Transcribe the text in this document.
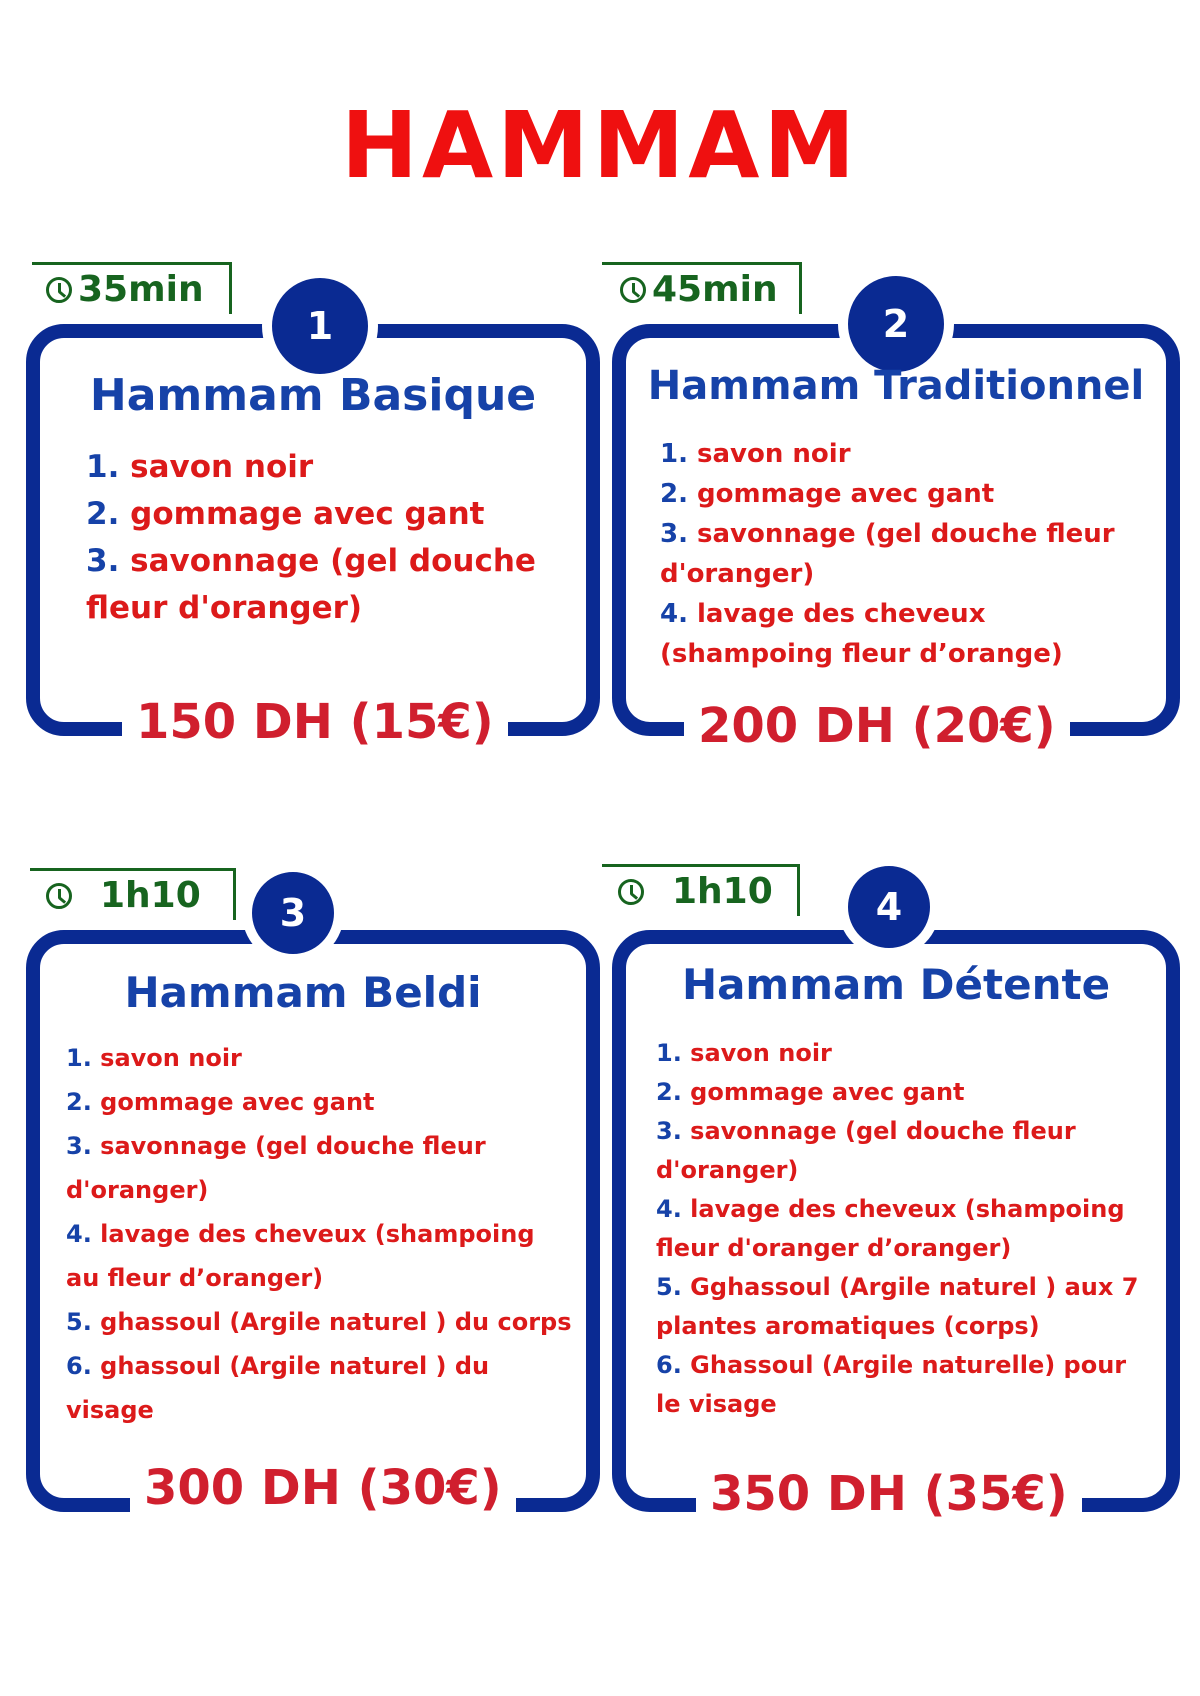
HAMMAM
35min
1
Hammam Basique
1. savon noir
2. gommage avec gant
3. savonnage (gel douche fleur d'oranger)
150 DH (15€)
45min
2
Hammam Traditionnel
1. savon noir
2. gommage avec gant
3. savonnage (gel douche fleur d'oranger)
4. lavage des cheveux (shampoing fleur d’orange)
200 DH (20€)
1h10 3
Hammam Beldi
1. savon noir
2. gommage avec gant
3. savonnage (gel douche fleur d'oranger)
4. lavage des cheveux (shampoing au fleur d’oranger)
5. ghassoul (Argile naturel ) du corps
6. ghassoul (Argile naturel ) du visage
300 DH (30€)
1h10	4
Hammam Détente
1. savon noir
2. gommage avec gant
3. savonnage (gel douche fleur d'oranger)
4. lavage des cheveux (shampoing fleur d'oranger d’oranger)
5. Gghassoul (Argile naturel ) aux 7 plantes aromatiques (corps)
6. Ghassoul (Argile naturelle) pour le visage
350 DH (35€)
